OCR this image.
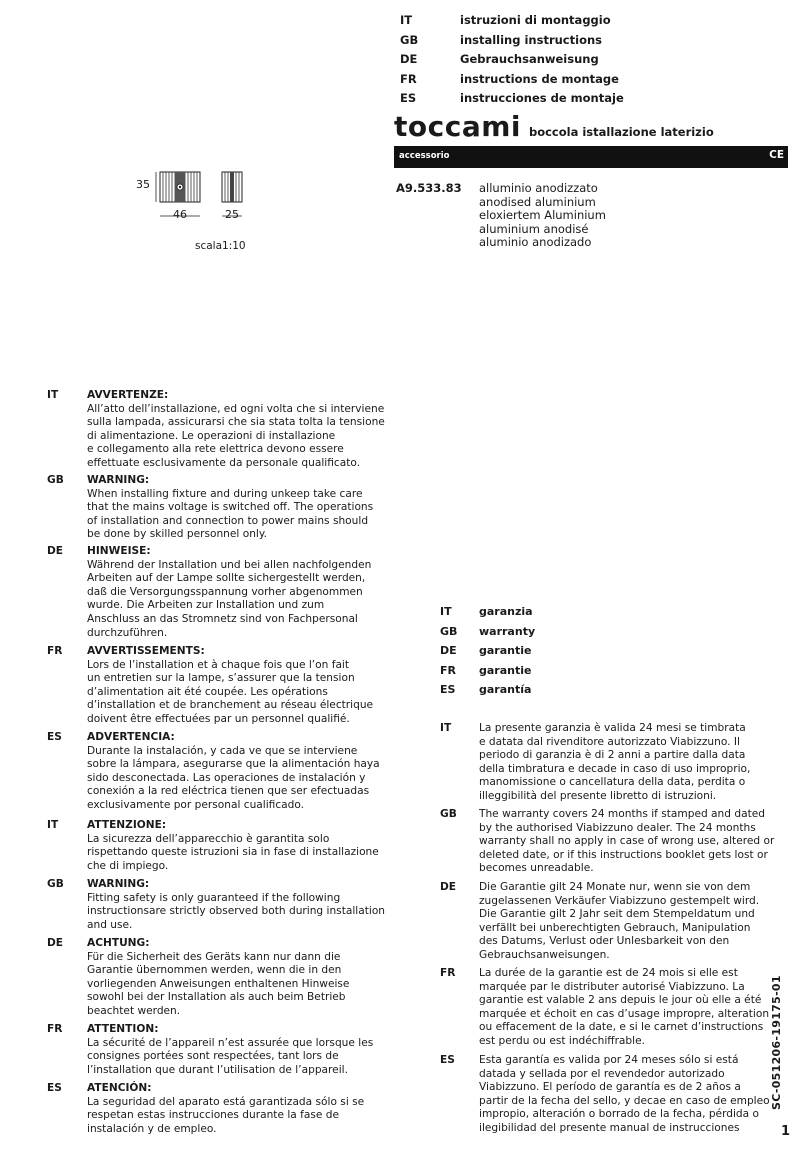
IT	istruzioni di montaggio
GB	installing instructions
DE	Gebrauchsanweisung
FR	instructions de montage
ES	instrucciones de montaje
toccami boccola istallazione laterizio
accessorio	CE
A9.533.83	alluminio anodizzato
anodised aluminium
eloxiertem Aluminium
aluminium anodisé
aluminio anodizado
35
46	25
scala1:10
IT	AVVERTENZE:
All’atto dell’installazione, ed ogni volta che si interviene
sulla lampada, assicurarsi che sia stata tolta la tensione
di alimentazione. Le operazioni di installazione
e collegamento alla rete elettrica devono essere
effettuate esclusivamente da personale qualificato.
GB WARNING:
When installing fixture and during unkeep take care
that the mains voltage is switched off. The operations
of installation and connection to power mains should
be done by skilled personnel only.
DE HINWEISE:
Während der Installation und bei allen nachfolgenden
Arbeiten auf der Lampe sollte sichergestellt werden,
daß die Versorgungsspannung vorher abgenommen
wurde. Die Arbeiten zur Installation und zum
Anschluss an das Stromnetz sind von Fachpersonal
durchzuführen.
FR AVVERTISSEMENTS:
Lors de l’installation et à chaque fois que l’on fait
un entretien sur la lampe, s’assurer que la tension
d’alimentation ait été coupée. Les opérations
d’installation et de branchement au réseau électrique
doivent être effectuées par un personnel qualifié.
ES ADVERTENCIA:
Durante la instalación, y cada ve que se interviene
sobre la lámpara, asegurarse que la alimentación haya
sido desconectada. Las operaciones de instalación y
conexión a la red eléctrica tienen que ser efectuadas
exclusivamente por personal cualificado.
IT	ATTENZIONE:
La sicurezza dell’apparecchio è garantita solo
rispettando queste istruzioni sia in fase di installazione
che di impiego.
GB WARNING:
Fitting safety is only guaranteed if the following
instructionsare strictly observed both during installation
and use.
DE ACHTUNG:
Für die Sicherheit des Geräts kann nur dann die
Garantie übernommen werden, wenn die in den
vorliegenden Anweisungen enthaltenen Hinweise
sowohl bei der Installation als auch beim Betrieb
beachtet werden.
FR ATTENTION:
La sécurité de l’appareil n’est assurée que lorsque les
consignes portées sont respectées, tant lors de
l’installation que durant l’utilisation de l’appareil.
ES ATENCIÓN:
La seguridad del aparato está garantizada sólo si se
respetan estas instrucciones durante la fase de
instalación y de empleo.
IT	garanzia
GB	warranty
DE	garantie
FR	garantie
ES	garantía
IT	La presente garanzia è valida 24 mesi se timbrata
e datata dal rivenditore autorizzato Viabizzuno. Il
periodo di garanzia è di 2 anni a partire dalla data
della timbratura e decade in caso di uso improprio,
manomissione o cancellatura della data, perdita o
illeggibilità del presente libretto di istruzioni.
GB The warranty covers 24 months if stamped and dated
by the authorised Viabizzuno dealer. The 24 months
warranty shall no apply in case of wrong use, altered or
deleted date, or if this instructions booklet gets lost or
becomes unreadable.
DE Die Garantie gilt 24 Monate nur, wenn sie von dem
zugelassenen Verkäufer Viabizzuno gestempelt wird.
Die Garantie gilt 2 Jahr seit dem Stempeldatum und
verfällt bei unberechtigten Gebrauch, Manipulation
des Datums, Verlust oder Unlesbarkeit von den
Gebrauchsanweisungen.
FR La durée de la garantie est de 24 mois si elle est
marquée par le distributer autorisé Viabizzuno. La
garantie est valable 2 ans depuis le jour où elle a été
marquée et échoit en cas d’usage impropre, alteration
ou effacement de la date, e si le carnet d’instructions
est perdu ou est indéchiffrable.
ES Esta garantía es valida por 24 meses sólo si está
datada y sellada por el revendedor autorizado
Viabizzuno. El período de garantía es de 2 años a
partir de la fecha del sello, y decae en caso de empleo
impropio, alteración o borrado de la fecha, pérdida o
ilegibilidad del presente manual de instrucciones
SC-051206-19175-01
1
